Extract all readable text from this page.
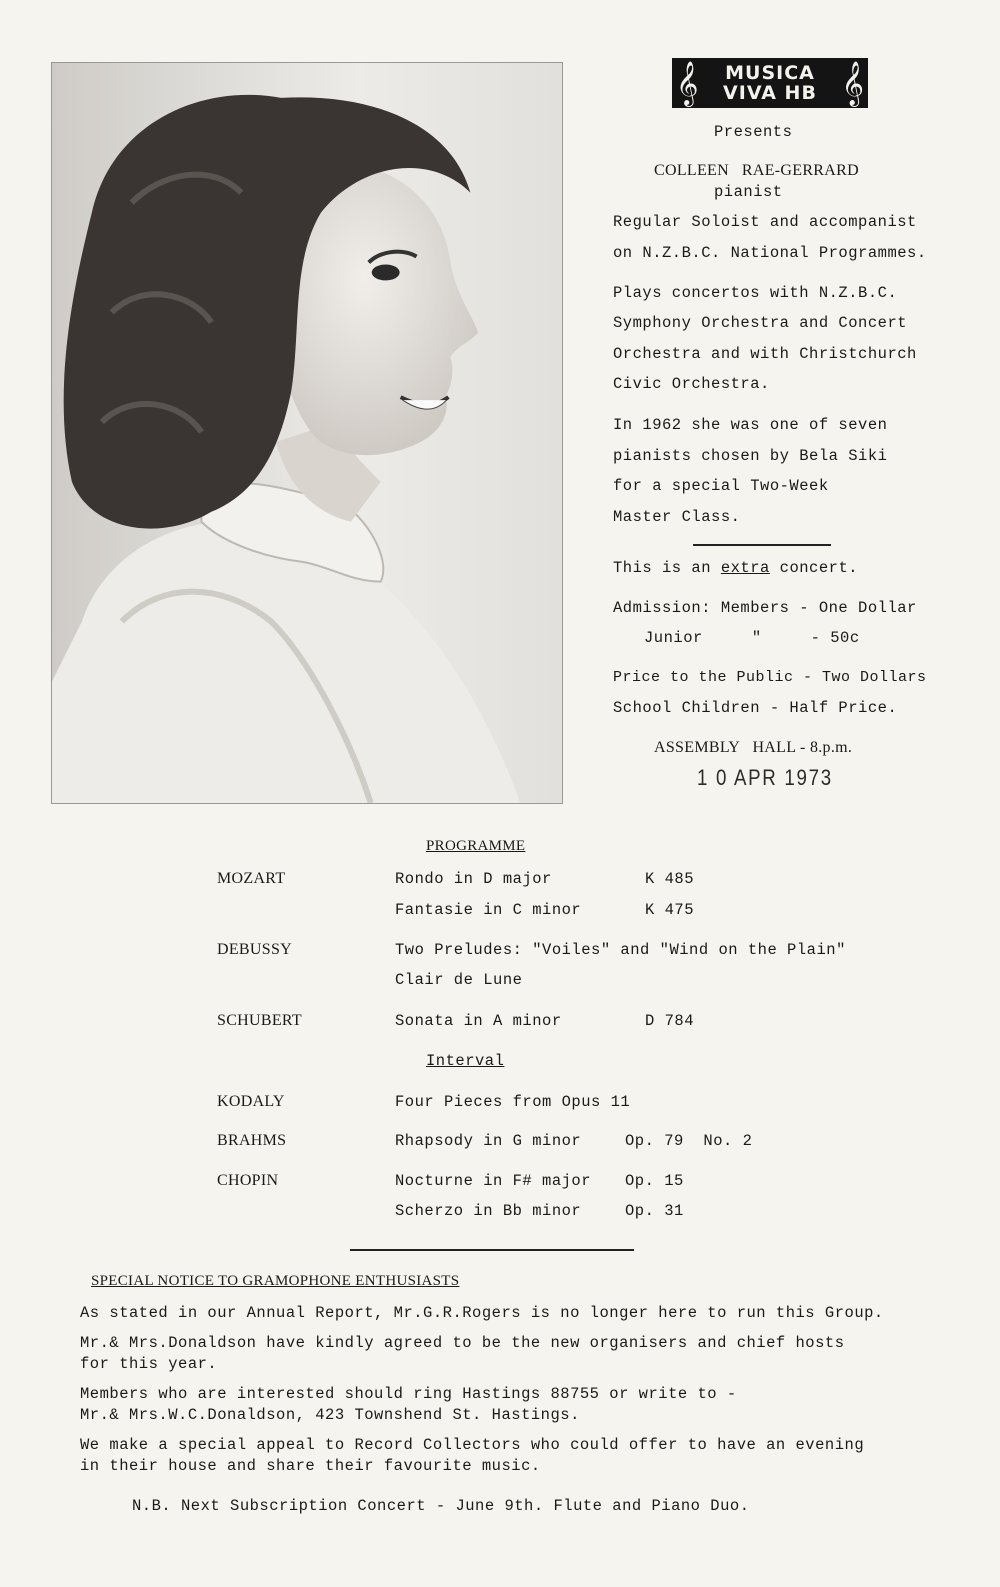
𝄞	MUSICA
VIVA HB 𝄞
Presents
COLLEEN   RAE-GERRARD
pianist
Regular Soloist and accompanist
on N.Z.B.C. National Programmes.
Plays concertos with N.Z.B.C.
Symphony Orchestra and Concert
Orchestra and with Christchurch
Civic Orchestra.
In 1962 she was one of seven
pianists chosen by Bela Siki
for a special Two-Week
Master Class.
This is an extra concert.
Admission: Members - One Dollar
Junior     "     - 50c
Price to the Public - Two Dollars
School Children - Half Price.
ASSEMBLY   HALL - 8.p.m.
1 0 APR 1973
PROGRAMME
MOZART	Rondo in D major	K 485
Fantasie in C minor	K 475
DEBUSSY	Two Preludes: "Voiles" and "Wind on the Plain"
Clair de Lune
SCHUBERT	Sonata in A minor	D 784
Interval
KODALY	Four Pieces from Opus 11
BRAHMS	Rhapsody in G minor	Op. 79  No. 2
CHOPIN	Nocturne in F# major Op. 15
Scherzo in Bb minor	Op. 31
SPECIAL NOTICE TO GRAMOPHONE ENTHUSIASTS
As stated in our Annual Report, Mr.G.R.Rogers is no longer here to run this Group.
Mr.& Mrs.Donaldson have kindly agreed to be the new organisers and chief hosts
for this year.
Members who are interested should ring Hastings 88755 or write to -
Mr.& Mrs.W.C.Donaldson, 423 Townshend St. Hastings.
We make a special appeal to Record Collectors who could offer to have an evening
in their house and share their favourite music.
N.B. Next Subscription Concert - June 9th. Flute and Piano Duo.
